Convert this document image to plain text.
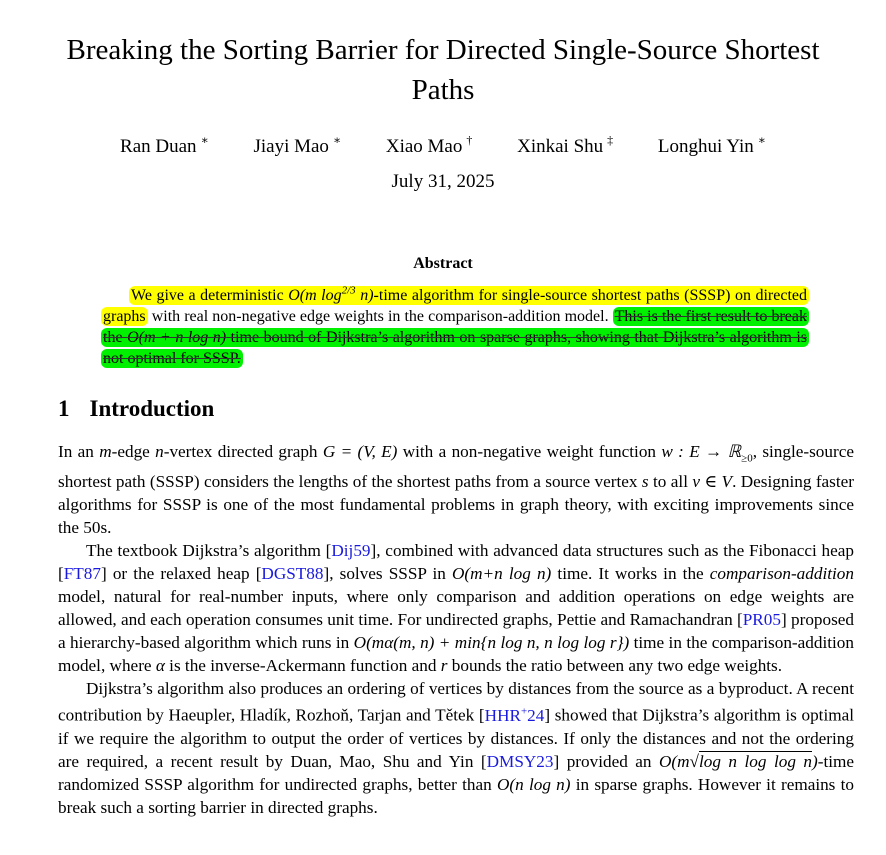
Breaking the Sorting Barrier for Directed Single-Source Shortest Paths
Ran Duan ∗ Jiayi Mao ∗ Xiao Mao † Xinkai Shu ‡ Longhui Yin ∗
July 31, 2025
Abstract

We give a deterministic O(m $\log^{2/3}$ n)-time algorithm for single-source shortest paths (SSSP) on directed graphs with real non-negative edge weights in the comparison-addition model. This is the first result to break the O(m + n log n) time bound of Dijkstra’s algorithm on sparse graphs, showing that Dijkstra’s algorithm is not optimal for SSSP.

1 Introduction

In an m-edge n-vertex directed graph G = (V, E) with a non-negative weight function w : E → ℝ$_{\ge 0}$, single-source shortest path (SSSP) considers the lengths of the shortest paths from a source vertex s to all v ∈ V. Designing faster algorithms for SSSP is one of the most fundamental problems in graph theory, with exciting improvements since the 50s.

The textbook Dijkstra’s algorithm [Dij59], combined with advanced data structures such as the Fibonacci heap [FT87] or the relaxed heap [DGST88], solves SSSP in O(m+n log n) time. It works in the comparison-addition model, natural for real-number inputs, where only comparison and addition operations on edge weights are allowed, and each operation consumes unit time. For undirected graphs, Pettie and Ramachandran [PR05] proposed a hierarchy-based algorithm which runs in O(mα(m, n) + min{n log n, n log log r}) time in the comparison-addition model, where α is the inverse-Ackermann function and r bounds the ratio between any two edge weights.

Dijkstra’s algorithm also produces an ordering of vertices by distances from the source as a byproduct. A recent contribution by Haeupler, Hladík, Rozhoň, Tarjan and Tětek [HHR+24] showed that Dijkstra’s algorithm is optimal if we require the algorithm to output the order of vertices by distances. If only the distances and not the ordering are required, a recent result by Duan, Mao, Shu and Yin [DMSY23] provided an O(m√log n log log n)-time randomized SSSP algorithm for undirected graphs, better than O(n log n) in sparse graphs. However it remains to break such a sorting barrier in directed graphs.
